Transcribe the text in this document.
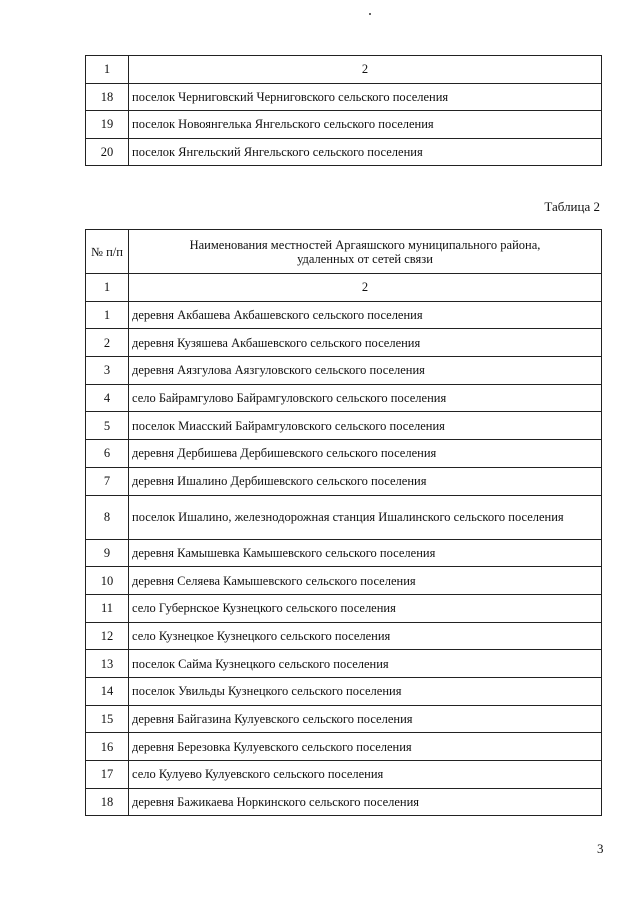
1	2
18	поселок Черниговский Черниговского сельского поселения
19	поселок Новоянгелька Янгельского сельского поселения
20	поселок Янгельский Янгельского сельского поселения
Таблица 2
№ п/п	Наименования местностей Аргаяшского муниципального района, удаленных от сетей связи
1	2
1	деревня Акбашева Акбашевского сельского поселения
2	деревня Кузяшева Акбашевского сельского поселения
3	деревня Аязгулова Аязгуловского сельского поселения
4	село Байрамгулово Байрамгуловского сельского поселения
5	поселок Миасский Байрамгуловского сельского поселения
6	деревня Дербишева Дербишевского сельского поселения
7	деревня Ишалино Дербишевского сельского поселения
8	поселок Ишалино, железнодорожная станция Ишалинского сельского поселения
9	деревня Камышевка Камышевского сельского поселения
10	деревня Селяева Камышевского сельского поселения
11	село Губернское Кузнецкого сельского поселения
12	село Кузнецкое Кузнецкого сельского поселения
13	поселок Сайма Кузнецкого сельского поселения
14	поселок Увильды Кузнецкого сельского поселения
15	деревня Байгазина Кулуевского сельского поселения
16	деревня Березовка Кулуевского сельского поселения
17	село Кулуево Кулуевского сельского поселения
18	деревня Бажикаева Норкинского сельского поселения
3
